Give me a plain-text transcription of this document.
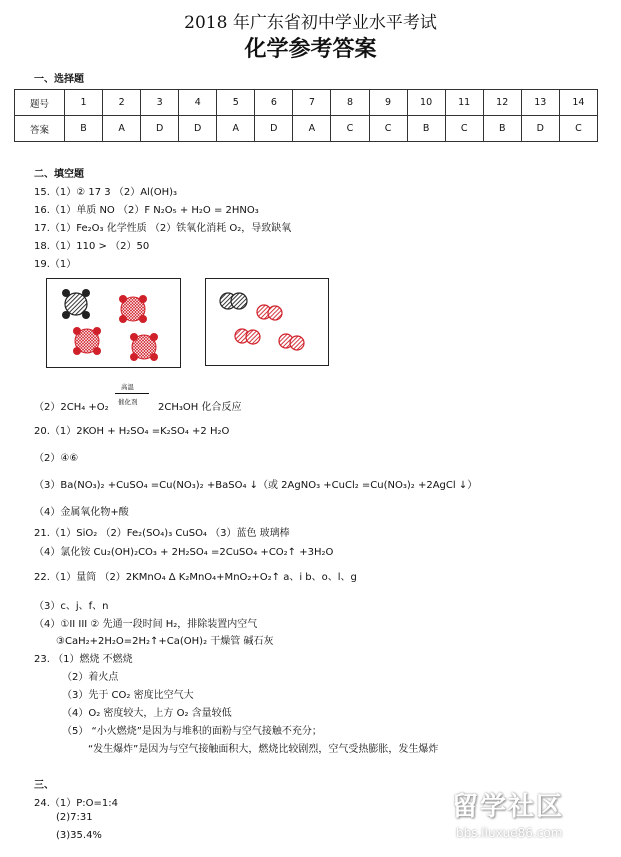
2018 年广东省初中学业水平考试
化学参考答案
一、选择题
题号	1	2	3	4	5	6	7	8	9	10	11	12	13	14
答案	B	A	D	D	A	D	A	C	C	B	C	B	D	C
二、填空题
15.（1）② 17 3 （2）Al(OH)₃
16.（1）单质 NO （2）F N₂O₅ + H₂O = 2HNO₃
17.（1）Fe₂O₃ 化学性质 （2）铁氧化消耗 O₂，导致缺氧
18.（1）110 > （2）50
19.（1）
（2）2CH₄ +O₂
高温
催化剂 2CH₃OH 化合反应
20.（1）2KOH + H₂SO₄ =K₂SO₄ +2 H₂O
（2）④⑥
（3）Ba(NO₃)₂ +CuSO₄ =Cu(NO₃)₂ +BaSO₄ ↓（或 2AgNO₃ +CuCl₂ =Cu(NO₃)₂ +2AgCl ↓）
（4）金属氧化物+酸
21.（1）SiO₂ （2）Fe₂(SO₄)₃ CuSO₄ （3）蓝色 玻璃棒
（4）氯化铵 Cu₂(OH)₂CO₃ + 2H₂SO₄ =2CuSO₄ +CO₂↑ +3H₂O
22.（1）量筒 （2）2KMnO₄ Δ K₂MnO₄+MnO₂+O₂↑ a、i b、o、l、g
（3）c、j、f、n
（4）①II III ② 先通一段时间 H₂，排除装置内空气
③CaH₂+2H₂O=2H₂↑+Ca(OH)₂ 干燥管 碱石灰
23. （1）燃烧 不燃烧
（2）着火点
（3）先于 CO₂ 密度比空气大
（4）O₂ 密度较大，上方 O₂ 含量较低
（5） “小火燃烧”是因为与堆积的面粉与空气接触不充分；
“发生爆炸”是因为与空气接触面积大，燃烧比较剧烈，空气受热膨胀，发生爆炸
三、
24.（1）P:O=1:4
(2)7:31
(3)35.4%
留学社区
bbs.liuxue86.com
